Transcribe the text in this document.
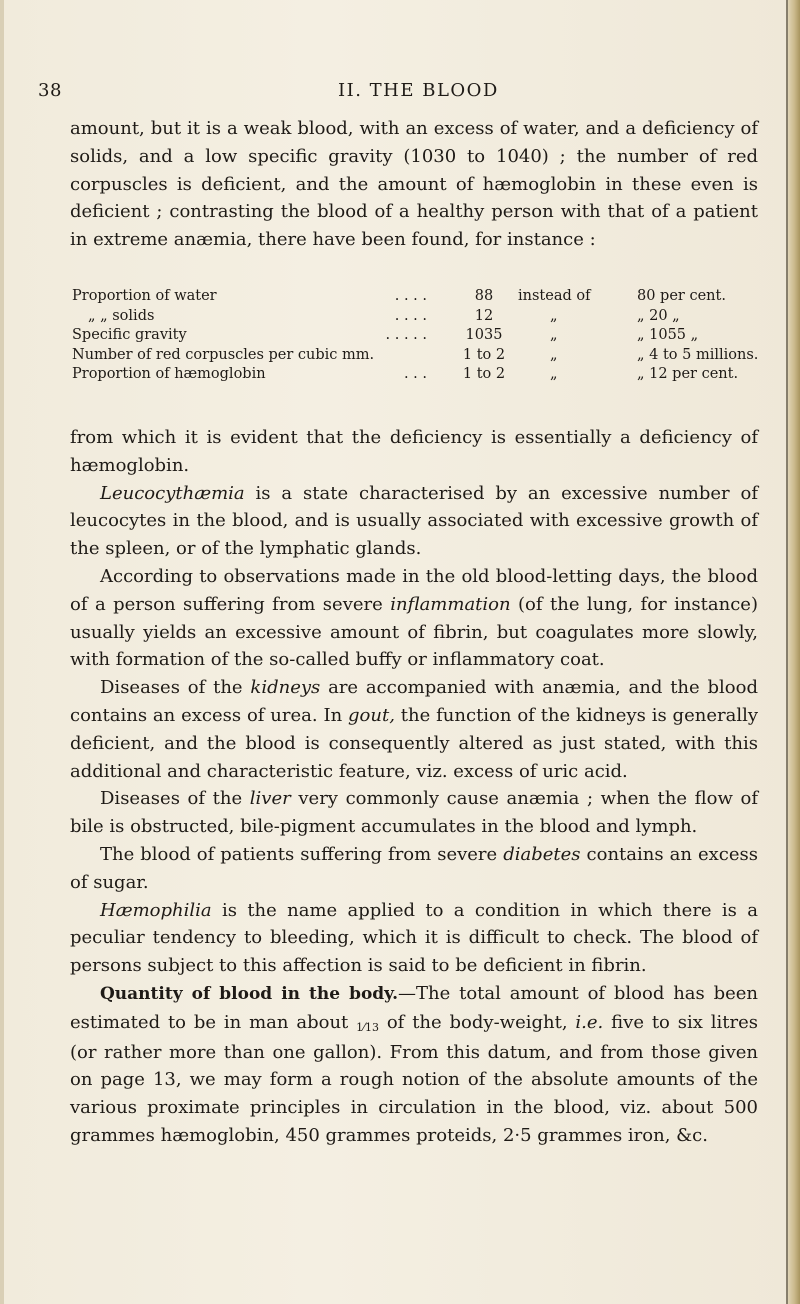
38	II. THE BLOOD

amount, but it is a weak blood, with an excess of water, and a deficiency of solids, and a low specific gravity (1030 to 1040) ; the number of red corpuscles is deficient, and the amount of hæmoglobin in these even is deficient ; contrasting the blood of a healthy person with that of a patient in extreme anæmia, there have been found, for instance :

Proportion of water	. . . .	88	instead of	80 per cent.
„ „ solids	. . . .	12	„	„ 20 „
Specific gravity	. . . . .	1035	„	„ 1055 „
Number of red corpuscles per cubic mm.	1 to 2	„	„ 4 to 5 millions.
Proportion of hæmoglobin	. . .	1 to 2	„	„ 12 per cent.

from which it is evident that the deficiency is essentially a deficiency of hæmoglobin.

Leucocythæmia is a state characterised by an excessive number of leucocytes in the blood, and is usually associated with excessive growth of the spleen, or of the lymphatic glands.

According to observations made in the old blood-letting days, the blood of a person suffering from severe inflammation (of the lung, for instance) usually yields an excessive amount of fibrin, but coagulates more slowly, with formation of the so-called buffy or inflammatory coat.

Diseases of the kidneys are accompanied with anæmia, and the blood contains an excess of urea. In gout, the function of the kidneys is generally deficient, and the blood is consequently altered as just stated, with this additional and characteristic feature, viz. excess of uric acid.

Diseases of the liver very commonly cause anæmia ; when the flow of bile is obstructed, bile-pigment accumulates in the blood and lymph.

The blood of patients suffering from severe diabetes contains an excess of sugar.

Hæmophilia is the name applied to a condition in which there is a peculiar tendency to bleeding, which it is difficult to check. The blood of persons subject to this affection is said to be deficient in fibrin.

Quantity of blood in the body.—The total amount of blood has been estimated to be in man about 1⁄13 of the body-weight, i.e. five to six litres (or rather more than one gallon). From this datum, and from those given on page 13, we may form a rough notion of the absolute amounts of the various proximate principles in circulation in the blood, viz. about 500 grammes hæmoglobin, 450 grammes proteids, 2·5 grammes iron, &c.
